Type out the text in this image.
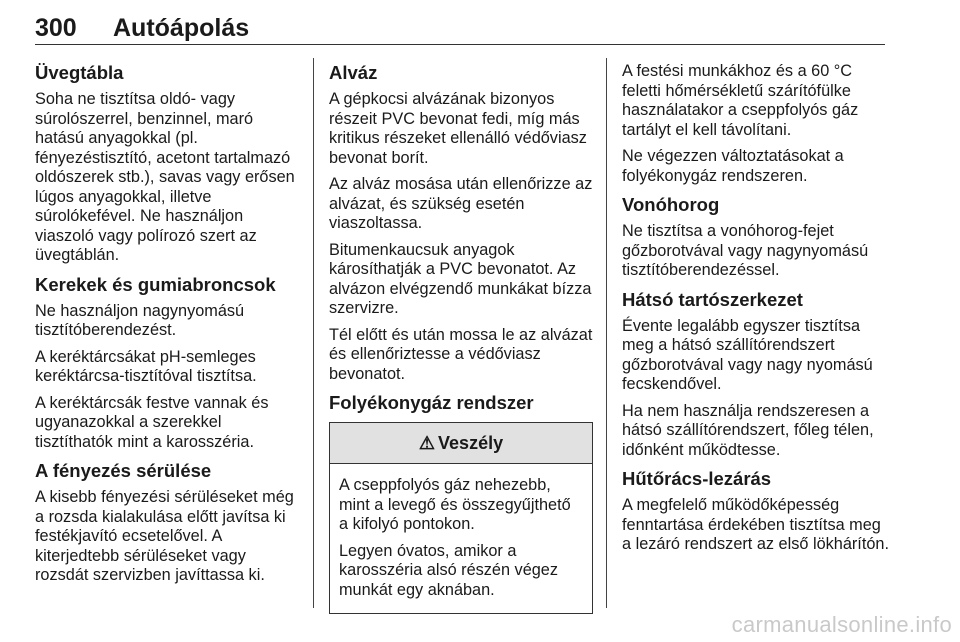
300 Autóápolás
Üvegtábla

Soha ne tisztítsa oldó- vagy súrolószerrel, benzinnel, maró hatású anyagokkal (pl. fényezéstisztító, acetont tartalmazó oldószerek stb.), savas vagy erősen lúgos anyagokkal, illetve súrolókefével. Ne használjon viaszoló vagy polírozó szert az üvegtáblán.

Kerekek és gumiabroncsok

Ne használjon nagynyomású tisztítóberendezést.

A keréktárcsákat pH-semleges keréktárcsa-tisztítóval tisztítsa.

A keréktárcsák festve vannak és ugyanazokkal a szerekkel tisztíthatók mint a karosszéria.

A fényezés sérülése

A kisebb fényezési sérüléseket még a rozsda kialakulása előtt javítsa ki festékjavító ecsetelővel. A kiterjedtebb sérüléseket vagy rozsdát szervizben javíttassa ki.

Alváz

A gépkocsi alvázának bizonyos részeit PVC bevonat fedi, míg más kritikus részeket ellenálló védőviasz bevonat borít.

Az alváz mosása után ellenőrizze az alvázat, és szükség esetén viaszoltassa.

Bitumenkaucsuk anyagok károsíthatják a PVC bevonatot. Az alvázon elvégzendő munkákat bízza szervizre.

Tél előtt és után mossa le az alvázat és ellenőriztesse a védőviasz bevonatot.

Folyékonygáz rendszer
⚠ Veszély

A cseppfolyós gáz nehezebb, mint a levegő és összegyűjthető a kifolyó pontokon.

Legyen óvatos, amikor a karosszéria alsó részén végez munkát egy aknában.

A festési munkákhoz és a 60 °C feletti hőmérsékletű szárítófülke használatakor a cseppfolyós gáz tartályt el kell távolítani.

Ne végezzen változtatásokat a folyékonygáz rendszeren.

Vonóhorog

Ne tisztítsa a vonóhorog-fejet gőzborotvával vagy nagynyomású tisztítóberendezéssel.

Hátsó tartószerkezet

Évente legalább egyszer tisztítsa meg a hátsó szállítórendszert gőzborotvával vagy nagy nyomású fecskendővel.

Ha nem használja rendszeresen a hátsó szállítórendszert, főleg télen, időnként működtesse.

Hűtőrács-lezárás

A megfelelő működőképesség fenntartása érdekében tisztítsa meg a lezáró rendszert az első lökhárítón.

carmanualsonline.info
